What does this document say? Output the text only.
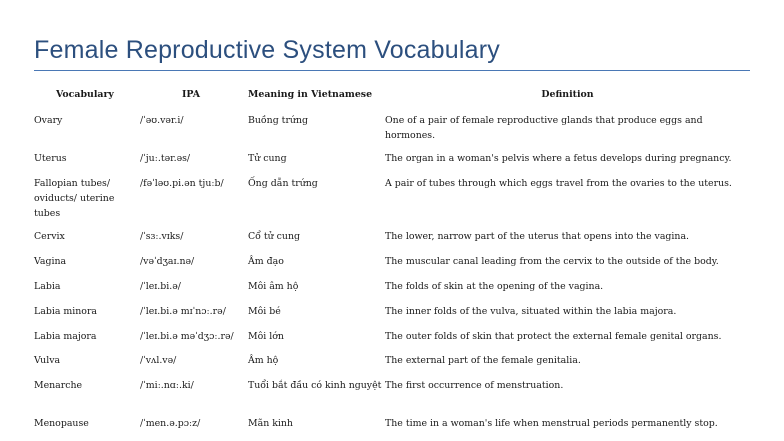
Female Reproductive System Vocabulary
Vocabulary	IPA	Meaning in Vietnamese	Definition
Ovary	/ˈəʊ.vər.i/	Buồng trứng	One of a pair of female reproductive glands that produce eggs and hormones.
Uterus	/ˈjuː.tər.əs/	Tử cung	The organ in a woman's pelvis where a fetus develops during pregnancy.
Fallopian tubes/ oviducts/ uterine tubes	/fəˈləʊ.pi.ən tjuːb/	Ống dẫn trứng	A pair of tubes through which eggs travel from the ovaries to the uterus.
Cervix	/ˈsɜː.vɪks/	Cổ tử cung	The lower, narrow part of the uterus that opens into the vagina.
Vagina	/vəˈdʒaɪ.nə/	Âm đạo	The muscular canal leading from the cervix to the outside of the body.
Labia	/ˈleɪ.bi.ə/	Môi âm hộ	The folds of skin at the opening of the vagina.
Labia minora	/ˈleɪ.bi.ə mɪˈnɔː.rə/	Môi bé	The inner folds of the vulva, situated within the labia majora.
Labia majora	/ˈleɪ.bi.ə məˈdʒɔː.rə/	Môi lớn	The outer folds of skin that protect the external female genital organs.
Vulva	/ˈvʌl.və/	Âm hộ	The external part of the female genitalia.
Menarche	/ˈmiː.nɑː.ki/	Tuổi bắt đầu có kinh nguyệt	The first occurrence of menstruation.
Menopause	/ˈmen.ə.pɔːz/	Mãn kinh	The time in a woman's life when menstrual periods permanently stop.
